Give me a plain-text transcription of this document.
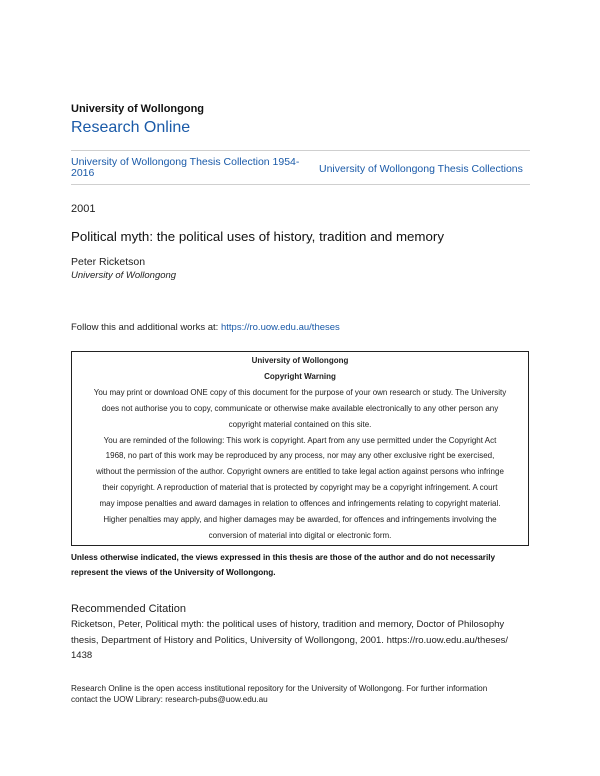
University of Wollongong
Research Online
University of Wollongong Thesis Collection 1954-2016	University of Wollongong Thesis Collections
2001
Political myth: the political uses of history, tradition and memory
Peter Ricketson
University of Wollongong
Follow this and additional works at: https://ro.uow.edu.au/theses

University of Wollongong

Copyright Warning

You may print or download ONE copy of this document for the purpose of your own research or study. The University

does not authorise you to copy, communicate or otherwise make available electronically to any other person any

copyright material contained on this site.

You are reminded of the following: This work is copyright. Apart from any use permitted under the Copyright Act

1968, no part of this work may be reproduced by any process, nor may any other exclusive right be exercised,

without the permission of the author. Copyright owners are entitled to take legal action against persons who infringe

their copyright. A reproduction of material that is protected by copyright may be a copyright infringement. A court

may impose penalties and award damages in relation to offences and infringements relating to copyright material.

Higher penalties may apply, and higher damages may be awarded, for offences and infringements involving the

conversion of material into digital or electronic form.

Unless otherwise indicated, the views expressed in this thesis are those of the author and do not necessarily
represent the views of the University of Wollongong.
Recommended Citation
Ricketson, Peter, Political myth: the political uses of history, tradition and memory, Doctor of Philosophy
thesis, Department of History and Politics, University of Wollongong, 2001. https://ro.uow.edu.au/theses/
1438
Research Online is the open access institutional repository for the University of Wollongong. For further information
contact the UOW Library: research-pubs@uow.edu.au
